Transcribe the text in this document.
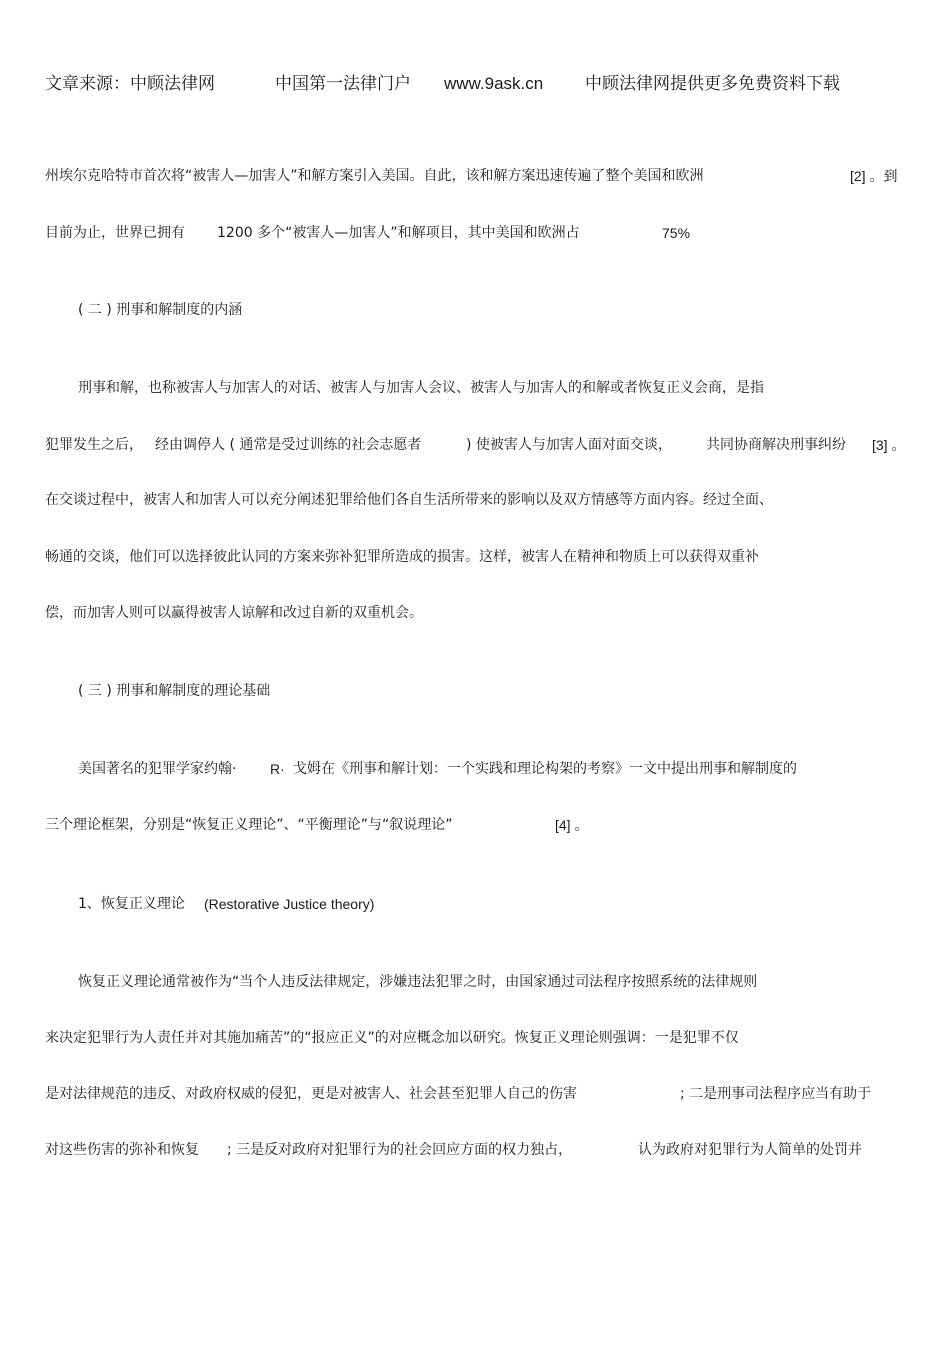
文章来源：中顾法律网	中国第一法律门户 www.9ask.cn 中顾法律网提供更多免费资料下载
州埃尔克哈特市首次将“被害人—加害人”和解方案引入美国。自此，该和解方案迅速传遍了整个美国和欧洲	[2] 。到
目前为止，世界已拥有 1200 多个“被害人—加害人”和解项目，其中美国和欧洲占	75%
( 二 ) 刑事和解制度的内涵
刑事和解，也称被害人与加害人的对话、被害人与加害人会议、被害人与加害人的和解或者恢复正义会商，是指
犯罪发生之后， 经由调停人 ( 通常是受过训练的社会志愿者	) 使被害人与加害人面对面交谈， 共同协商解决刑事纠纷 [3] 。
在交谈过程中，被害人和加害人可以充分阐述犯罪给他们各自生活所带来的影响以及双方情感等方面内容。经过全面、
畅通的交谈，他们可以选择彼此认同的方案来弥补犯罪所造成的损害。这样，被害人在精神和物质上可以获得双重补
偿，而加害人则可以赢得被害人谅解和改过自新的双重机会。
( 三 ) 刑事和解制度的理论基础
美国著名的犯罪学家约翰· R· 戈姆在《刑事和解计划：一个实践和理论构架的考察》一文中提出刑事和解制度的
三个理论框架，分别是“恢复正义理论”、“平衡理论”与“叙说理论”	[4] 。
1、恢复正义理论 (Restorative Justice theory)
恢复正义理论通常被作为“当个人违反法律规定，涉嫌违法犯罪之时，由国家通过司法程序按照系统的法律规则
来决定犯罪行为人责任并对其施加痛苦”的“报应正义”的对应概念加以研究。恢复正义理论则强调：一是犯罪不仅
是对法律规范的违反、对政府权威的侵犯，更是对被害人、社会甚至犯罪人自己的伤害	; 二是刑事司法程序应当有助于
对这些伤害的弥补和恢复 ; 三是反对政府对犯罪行为的社会回应方面的权力独占，	认为政府对犯罪行为人简单的处罚并
